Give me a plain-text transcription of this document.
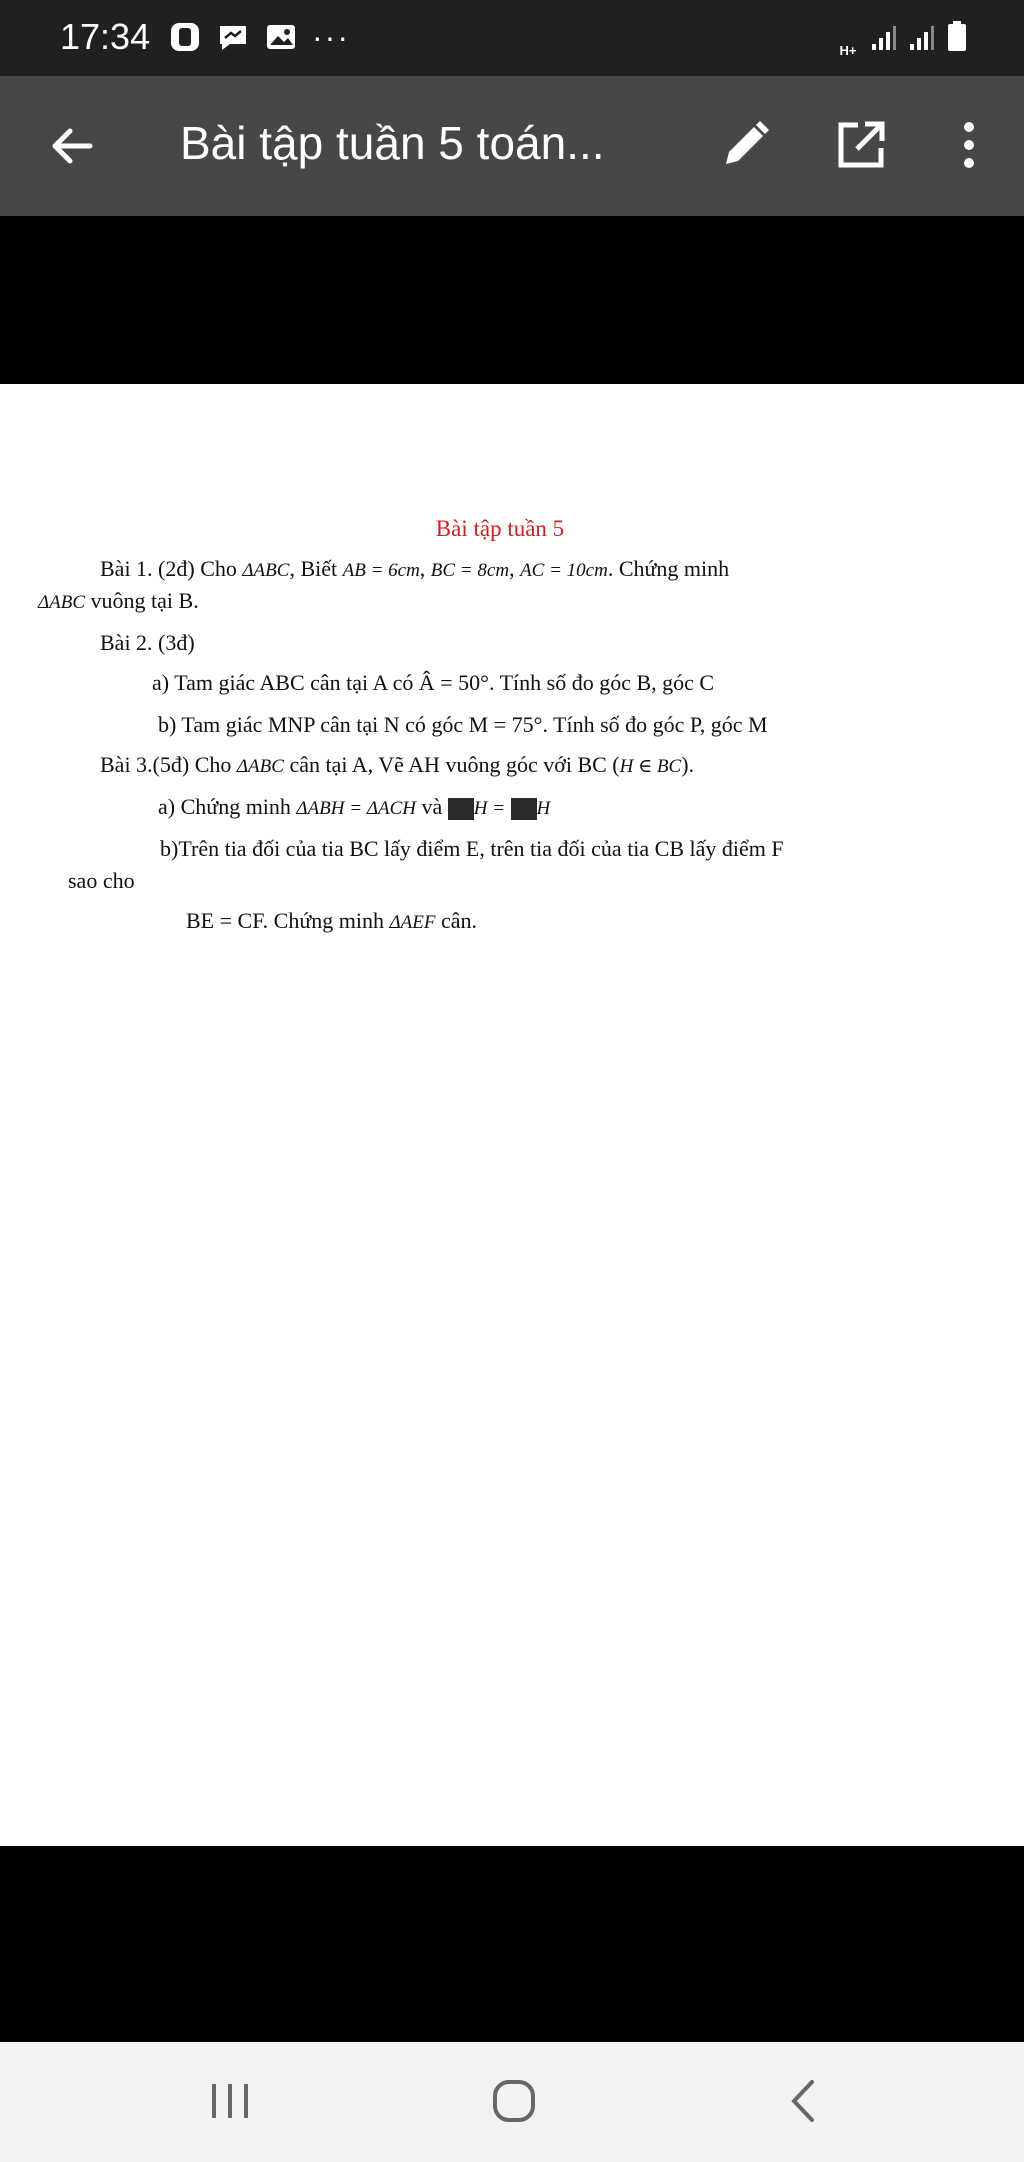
17:34	···	H+
Bài tập tuần 5 toán...
Bài tập tuần 5
Bài 1. (2đ) Cho ΔABC, Biết AB = 6cm, BC = 8cm, AC = 10cm. Chứng minh
ΔABC vuông tại B.
Bài 2. (3đ)
a) Tam giác ABC cân tại A có Â = 50°. Tính số đo góc B, góc C
b) Tam giác MNP cân tại N có góc M = 75°. Tính số đo góc P, góc M
Bài 3.(5đ) Cho ΔABC cân tại A, Vẽ AH vuông góc với BC (H ∈ BC).
a) Chứng minh ΔABH = ΔACH và H = H
b)Trên tia đối của tia BC lấy điểm E, trên tia đối của tia CB lấy điểm F
sao cho
BE = CF. Chứng minh ΔAEF cân.
